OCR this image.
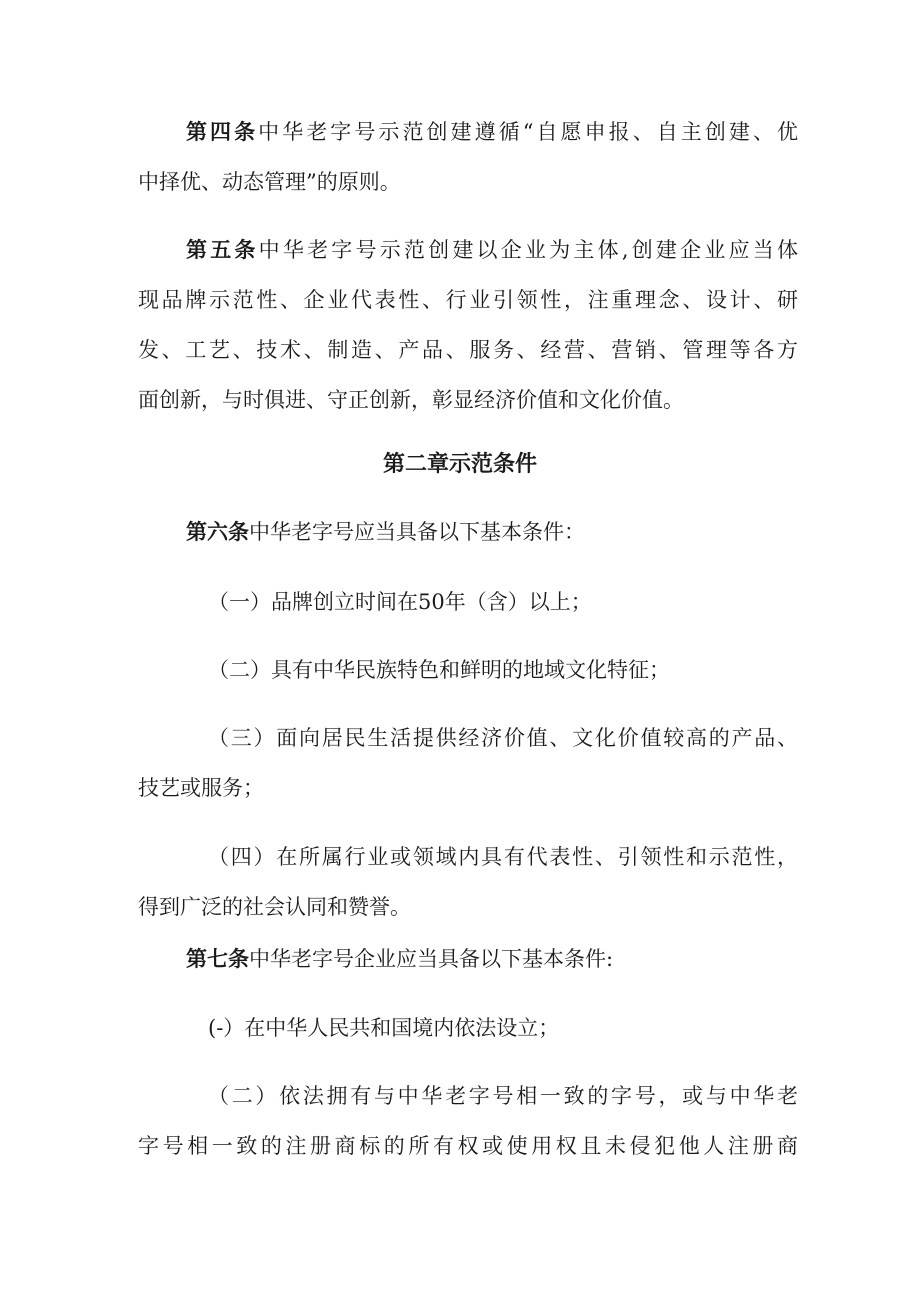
第四条中华老字号示范创建遵循“自愿申报、自主创建、优
中择优、动态管理”的原则。
第五条中华老字号示范创建以企业为主体,创建企业应当体
现品牌示范性、企业代表性、行业引领性，注重理念、设计、研
发、工艺、技术、制造、产品、服务、经营、营销、管理等各方
面创新，与时俱进、守正创新，彰显经济价值和文化价值。
第二章示范条件
第六条中华老字号应当具备以下基本条件：
（一）品牌创立时间在50年（含）以上；
（二）具有中华民族特色和鲜明的地域文化特征；
（三）面向居民生活提供经济价值、文化价值较高的产品、
技艺或服务；
（四）在所属行业或领域内具有代表性、引领性和示范性，
得到广泛的社会认同和赞誉。
第七条中华老字号企业应当具备以下基本条件:
(-）在中华人民共和国境内依法设立；
（二）依法拥有与中华老字号相一致的字号，或与中华老
字号相一致的注册商标的所有权或使用权且未侵犯他人注册商
